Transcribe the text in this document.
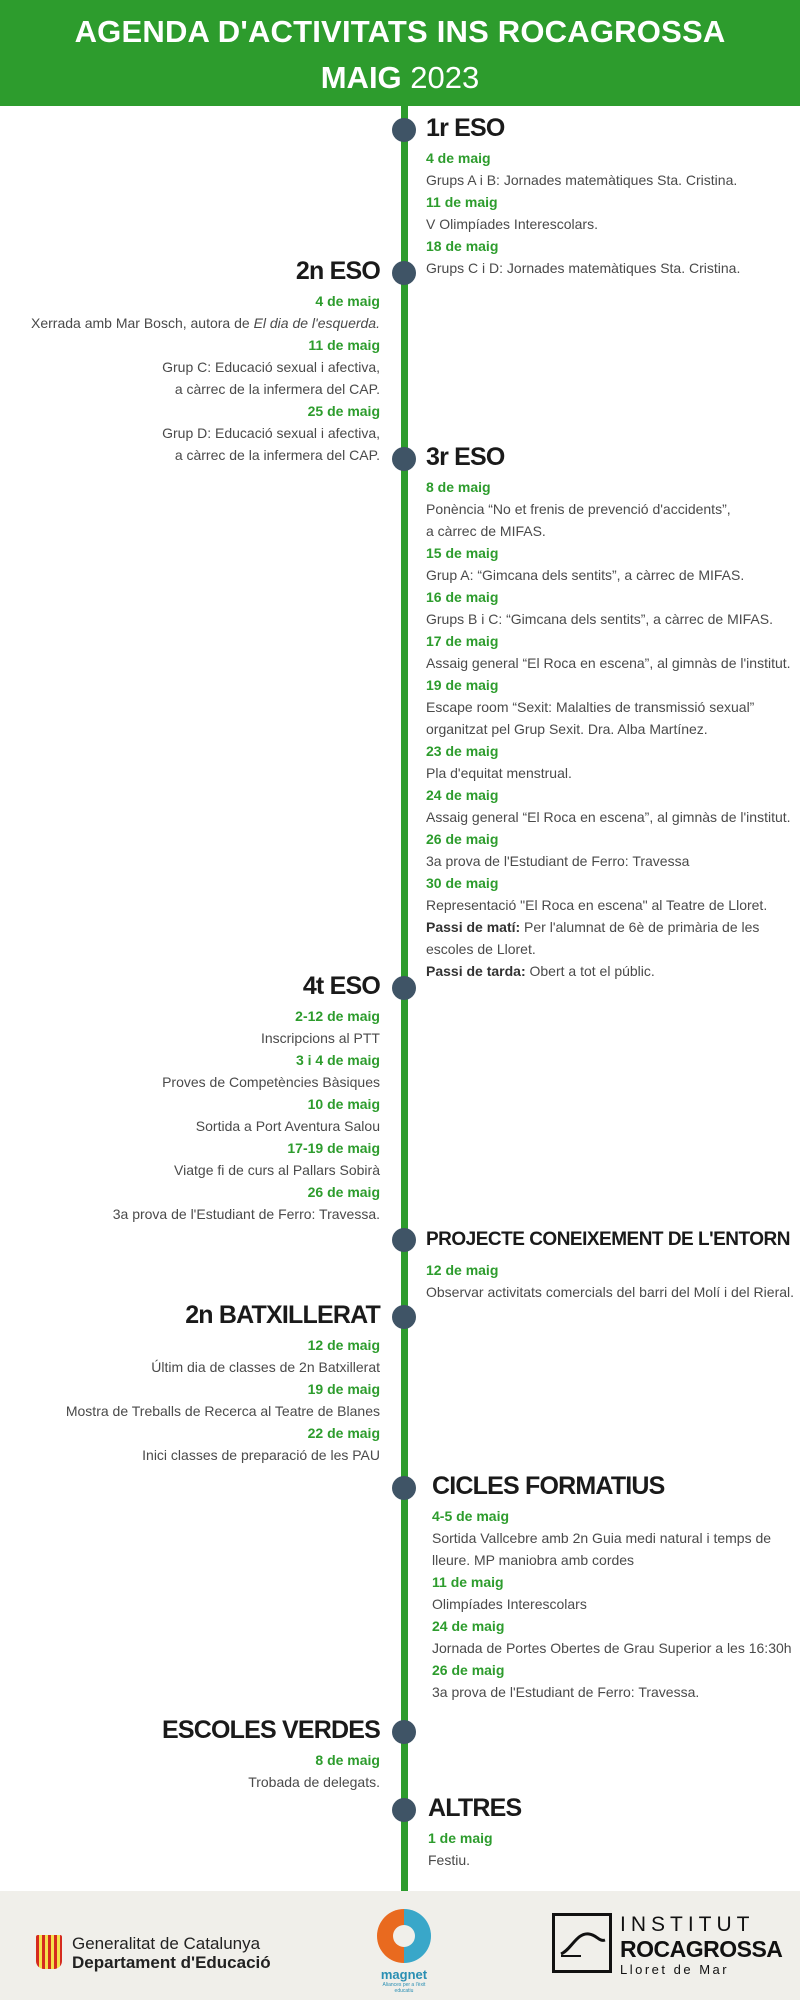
AGENDA D'ACTIVITATS INS ROCAGROSSA
MAIG 2023
1r ESO
4 de maig
Grups A i B: Jornades matemàtiques Sta. Cristina.
11 de maig
V Olimpíades Interescolars.
18 de maig
Grups C i D: Jornades matemàtiques Sta. Cristina.
2n ESO
4 de maig
Xerrada amb Mar Bosch, autora de El dia de l'esquerda.
11 de maig
Grup C: Educació sexual i afectiva,
a càrrec de la infermera del CAP.
25 de maig
Grup D: Educació sexual i afectiva,
a càrrec de la infermera del CAP. 3r ESO
8 de maig
Ponència “No et frenis de prevenció d'accidents”,
a càrrec de MIFAS.
15 de maig
Grup A: “Gimcana dels sentits”, a càrrec de MIFAS.
16 de maig
Grups B i C: “Gimcana dels sentits”, a càrrec de MIFAS.
17 de maig
Assaig general “El Roca en escena”, al gimnàs de l'institut.
19 de maig
Escape room “Sexit: Malalties de transmissió sexual”
organitzat pel Grup Sexit. Dra. Alba Martínez.
23 de maig
Pla d'equitat menstrual.
24 de maig
Assaig general “El Roca en escena”, al gimnàs de l'institut.
26 de maig
3a prova de l'Estudiant de Ferro: Travessa
30 de maig
Representació "El Roca en escena" al Teatre de Lloret.
Passi de matí: Per l'alumnat de 6è de primària de les
escoles de Lloret.
Passi de tarda: Obert a tot el públic.
4t ESO
2-12 de maig
Inscripcions al PTT
3 i 4 de maig
Proves de Competències Bàsiques
10 de maig
Sortida a Port Aventura Salou
17-19 de maig
Viatge fi de curs al Pallars Sobirà
26 de maig
3a prova de l'Estudiant de Ferro: Travessa.
PROJECTE CONEIXEMENT DE L'ENTORN
12 de maig
Observar activitats comercials del barri del Molí i del Rieral.
2n BATXILLERAT
12 de maig
Últim dia de classes de 2n Batxillerat
19 de maig
Mostra de Treballs de Recerca al Teatre de Blanes
22 de maig
Inici classes de preparació de les PAU
CICLES FORMATIUS
4-5 de maig
Sortida Vallcebre amb 2n Guia medi natural i temps de
lleure. MP maniobra amb cordes
11 de maig
Olimpíades Interescolars
24 de maig
Jornada de Portes Obertes de Grau Superior a les 16:30h
26 de maig
3a prova de l'Estudiant de Ferro: Travessa.
ESCOLES VERDES
8 de maig
Trobada de delegats.
ALTRES
1 de maig
Festiu.
Generalitat de Catalunya
Departament d'Educació
magnet
Aliances per a l'èxit educatiu
INSTITUT
ROCAGROSSA
Lloret de Mar
